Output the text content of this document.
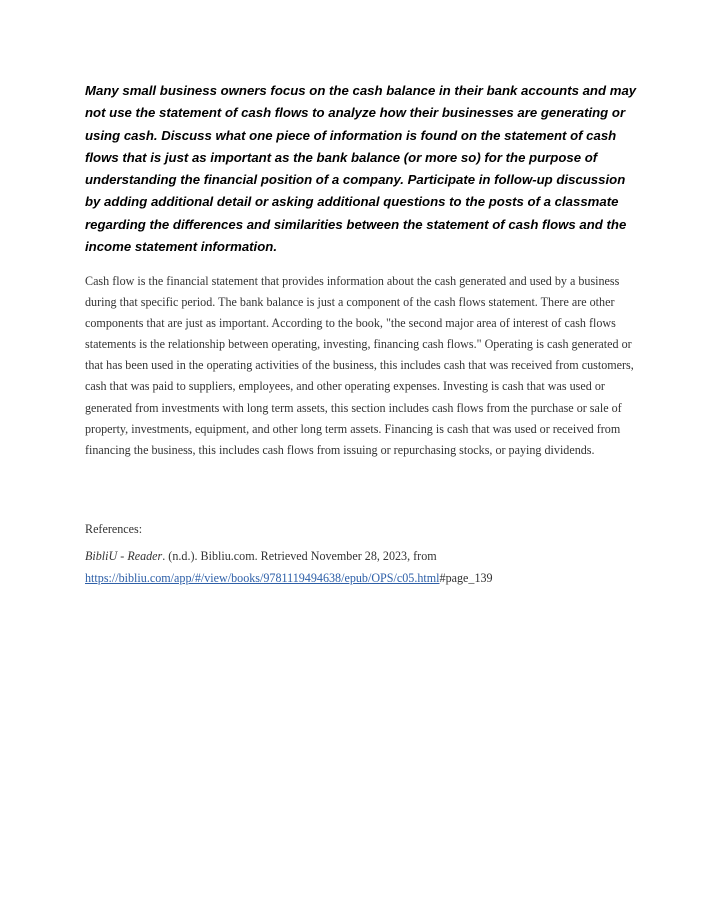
Many small business owners focus on the cash balance in their bank accounts and may not use the statement of cash flows to analyze how their businesses are generating or using cash. Discuss what one piece of information is found on the statement of cash flows that is just as important as the bank balance (or more so) for the purpose of understanding the financial position of a company. Participate in follow-up discussion by adding additional detail or asking additional questions to the posts of a classmate regarding the differences and similarities between the statement of cash flows and the income statement information.

Cash flow is the financial statement that provides information about the cash generated and used by a business during that specific period. The bank balance is just a component of the cash flows statement. There are other components that are just as important. According to the book, "the second major area of interest of cash flows statements is the relationship between operating, investing, financing cash flows." Operating is cash generated or that has been used in the operating activities of the business, this includes cash that was received from customers, cash that was paid to suppliers, employees, and other operating expenses. Investing is cash that was used or generated from investments with long term assets, this section includes cash flows from the purchase or sale of property, investments, equipment, and other long term assets. Financing is cash that was used or received from financing the business, this includes cash flows from issuing or repurchasing stocks, or paying dividends.

References:

BibliU - Reader. (n.d.). Bibliu.com. Retrieved November 28, 2023, from https://bibliu.com/app/#/view/books/9781119494638/epub/OPS/c05.html#page_139
